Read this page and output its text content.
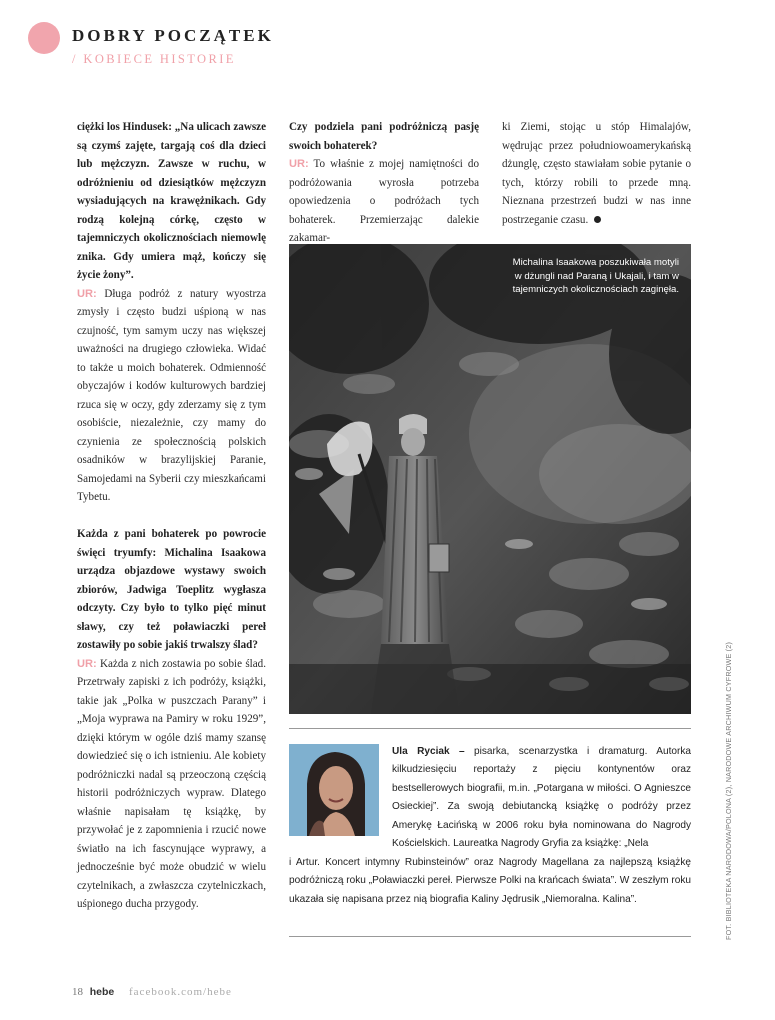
DOBRY POCZĄTEK
/ KOBIECE HISTORIE

ciężki los Hindusek: „Na ulicach zawsze są czymś zajęte, targają coś dla dzieci lub mężczyzn. Zawsze w ruchu, w odróżnieniu od dziesiątków mężczyzn wysiadujących na krawężnikach. Gdy rodzą kolejną córkę, często w tajemniczych okolicznościach niemowlę znika. Gdy umiera mąż, kończy się życie żony”.

UR: Długa podróż z natury wyostrza zmysły i często budzi uśpioną w nas czujność, tym samym uczy nas większej uważności na drugiego człowieka. Widać to także u moich bohaterek. Odmienność obyczajów i kodów kulturowych bardziej rzuca się w oczy, gdy zderzamy się z tym osobiście, niezależnie, czy mamy do czynienia ze społecznością polskich osadników w brazylijskiej Paranie, Samojedami na Syberii czy mieszkańcami Tybetu.

Każda z pani bohaterek po powrocie święci tryumfy: Michalina Isaakowa urządza objazdowe wystawy swoich zbiorów, Jadwiga Toeplitz wygłasza odczyty. Czy było to tylko pięć minut sławy, czy też poławiaczki pereł zostawiły po sobie jakiś trwalszy ślad?

UR: Każda z nich zostawia po sobie ślad. Przetrwały zapiski z ich podróży, książki, takie jak „Polka w puszczach Parany” i „Moja wyprawa na Pamiry w roku 1929”, dzięki którym w ogóle dziś mamy szansę dowiedzieć się o ich istnieniu. Ale kobiety podróżniczki nadal są przeoczoną częścią historii podróżniczych wypraw. Dlatego właśnie napisałam tę książkę, by przywołać je z zapomnienia i rzucić nowe światło na ich fascynujące wyprawy, a jednocześnie być może obudzić w wielu czytelnikach, a zwłaszcza czytelniczkach, uśpionego ducha przygody.

Czy podziela pani podróżniczą pasję swoich bohaterek?

UR: To właśnie z mojej namiętności do podróżowania wyrosła potrzeba opowiedzenia o podróżach tych bohaterek. Przemierzając dalekie zakamar-

ki Ziemi, stojąc u stóp Himalajów, wędrując przez południowoamerykańską dżunglę, często stawiałam sobie pytanie o tych, którzy robili to przede mną. Nieznana przestrzeń budzi w nas inne postrzeganie czasu.

Michalina Isaakowa poszukiwała motyli w dżungli nad Paraną i Ukajali, i tam w tajemniczych okolicznościach zaginęła.
Ula Ryciak – pisarka, scenarzystka i dramaturg. Autorka kilkudziesięciu reportaży z pięciu kontynentów oraz bestsellerowych biografii, m.in. „Potargana w miłości. O Agnieszce Osieckiej”. Za swoją debiutancką książkę o podróży przez Amerykę Łacińską w 2006 roku była nominowana do Nagrody Kościelskich. Laureatka Nagrody Gryfia za książkę: „Nela
i Artur. Koncert intymny Rubinsteinów” oraz Nagrody Magellana za najlepszą książkę podróżniczą roku „Poławiaczki pereł. Pierwsze Polki na krańcach świata”. W zeszłym roku ukazała się napisana przez nią biografia Kaliny Jędrusik „Niemoralna. Kalina”.	FOT. BIBLIOTEKA NARODOWA/POLONA (2), NARODOWE ARCHIWUM CYFROWE (2)
18 hebe facebook.com/hebe
